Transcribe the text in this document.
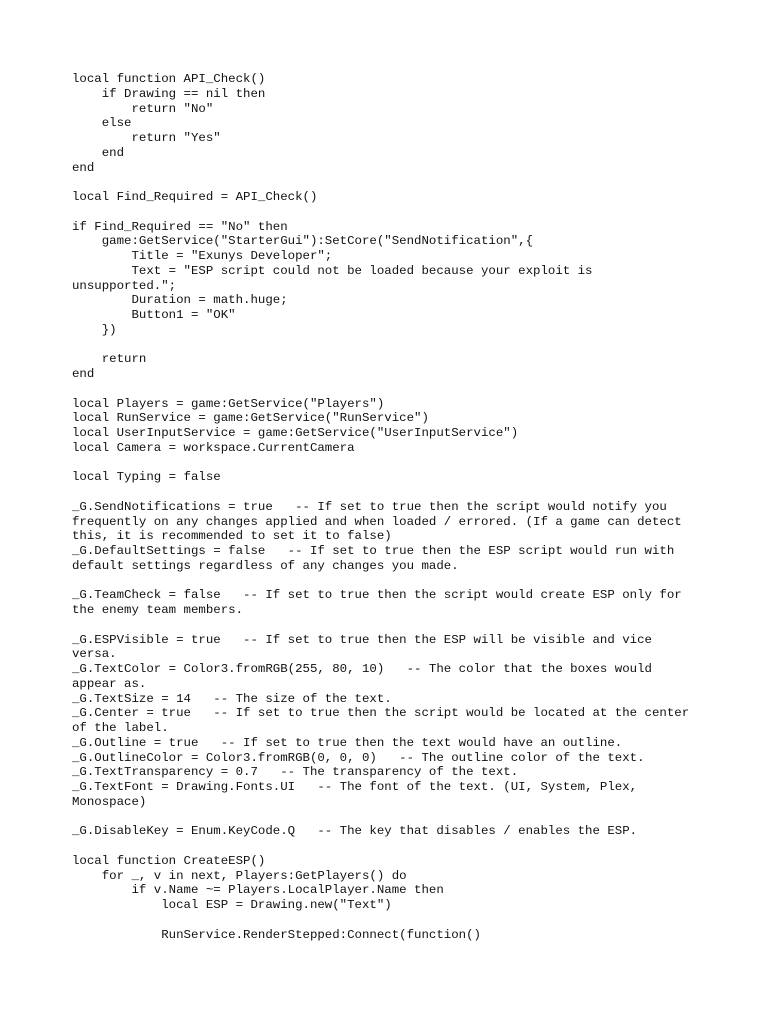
local function API_Check()
if Drawing == nil then
return "No"
else
return "Yes"
end
end
local Find_Required = API_Check()
if Find_Required == "No" then
game:GetService("StarterGui"):SetCore("SendNotification",{
Title = "Exunys Developer";
Text = "ESP script could not be loaded because your exploit is
unsupported.";
Duration = math.huge;
Button1 = "OK"
})
return
end
local Players = game:GetService("Players")
local RunService = game:GetService("RunService")
local UserInputService = game:GetService("UserInputService")
local Camera = workspace.CurrentCamera
local Typing = false
_G.SendNotifications = true   -- If set to true then the script would notify you
frequently on any changes applied and when loaded / errored. (If a game can detect
this, it is recommended to set it to false)
_G.DefaultSettings = false   -- If set to true then the ESP script would run with
default settings regardless of any changes you made.
_G.TeamCheck = false   -- If set to true then the script would create ESP only for
the enemy team members.
_G.ESPVisible = true   -- If set to true then the ESP will be visible and vice
versa.
_G.TextColor = Color3.fromRGB(255, 80, 10)   -- The color that the boxes would
appear as.
_G.TextSize = 14   -- The size of the text.
_G.Center = true   -- If set to true then the script would be located at the center
of the label.
_G.Outline = true   -- If set to true then the text would have an outline.
_G.OutlineColor = Color3.fromRGB(0, 0, 0)   -- The outline color of the text.
_G.TextTransparency = 0.7   -- The transparency of the text.
_G.TextFont = Drawing.Fonts.UI   -- The font of the text. (UI, System, Plex,
Monospace)
_G.DisableKey = Enum.KeyCode.Q   -- The key that disables / enables the ESP.
local function CreateESP()
for _, v in next, Players:GetPlayers() do
if v.Name ~= Players.LocalPlayer.Name then
local ESP = Drawing.new("Text")
RunService.RenderStepped:Connect(function()
